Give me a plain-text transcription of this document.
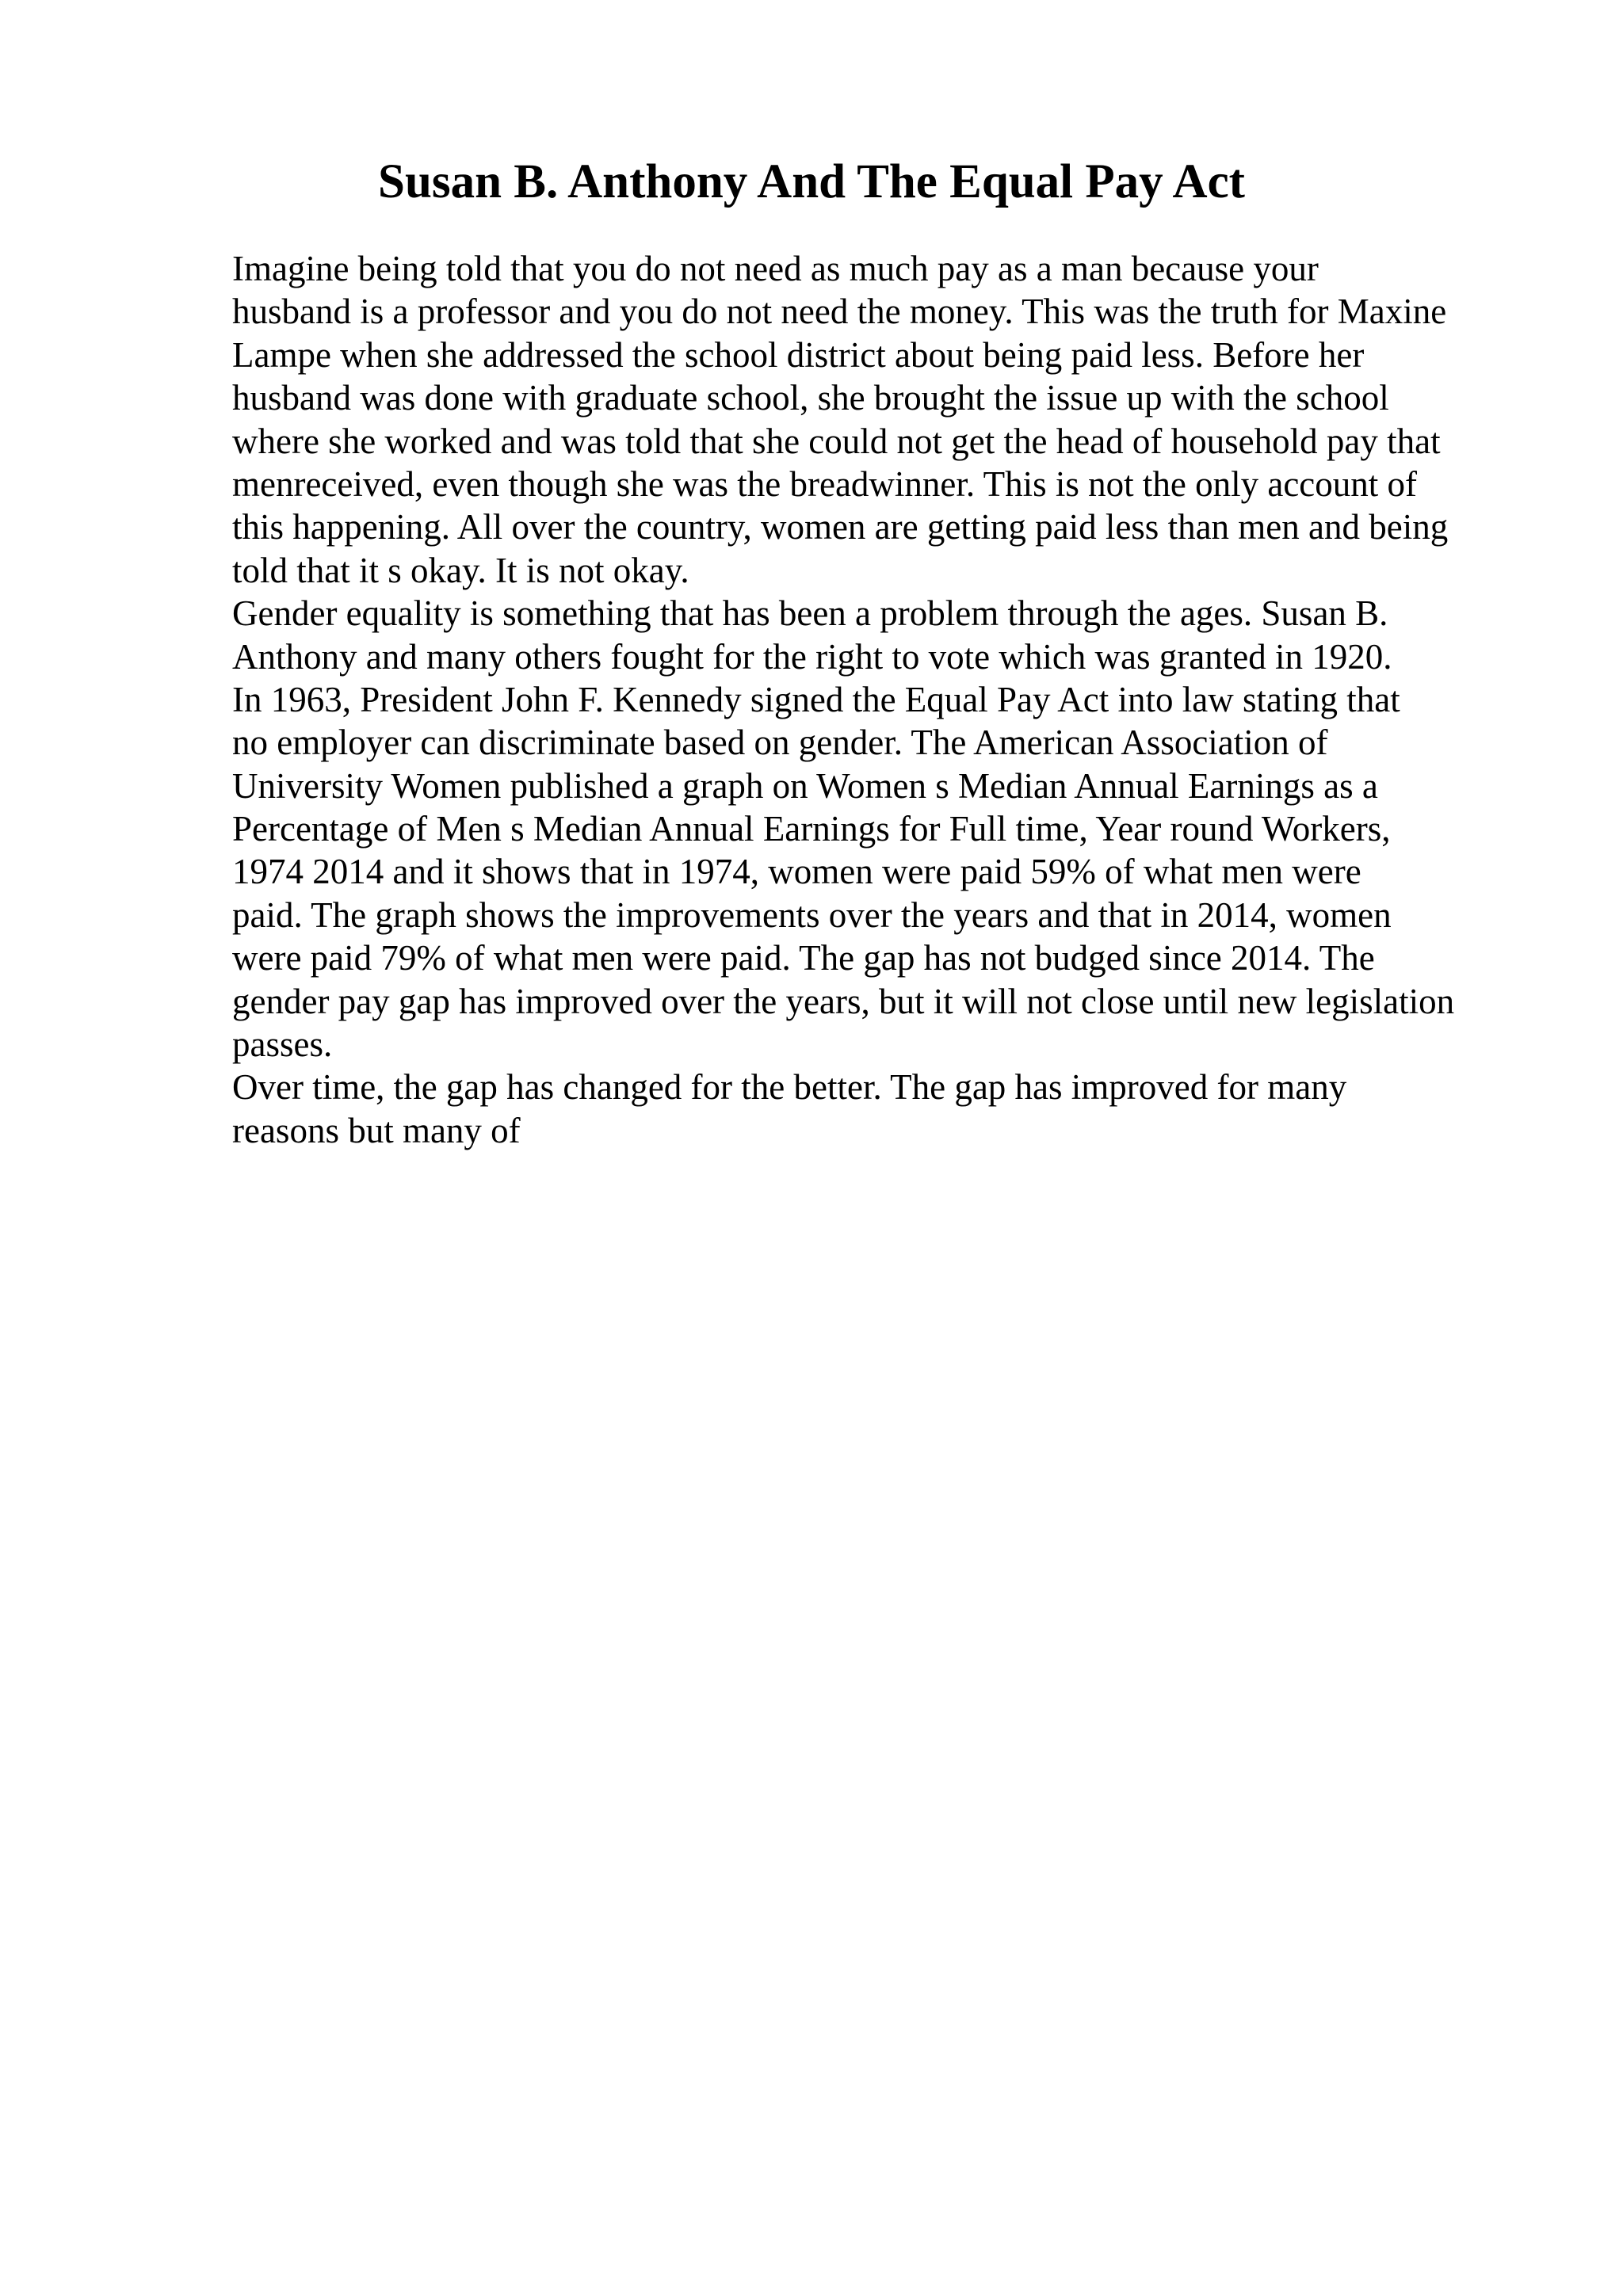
Susan B. Anthony And The Equal Pay Act
Imagine being told that you do not need as much pay as a man because your
husband is a professor and you do not need the money. This was the truth for Maxine
Lampe when she addressed the school district about being paid less. Before her
husband was done with graduate school, she brought the issue up with the school
where she worked and was told that she could not get the head of household pay that
menreceived, even though she was the breadwinner. This is not the only account of
this happening. All over the country, women are getting paid less than men and being
told that it s okay. It is not okay.
Gender equality is something that has been a problem through the ages. Susan B.
Anthony and many others fought for the right to vote which was granted in 1920.
In 1963, President John F. Kennedy signed the Equal Pay Act into law stating that
no employer can discriminate based on gender. The American Association of
University Women published a graph on Women s Median Annual Earnings as a
Percentage of Men s Median Annual Earnings for Full time, Year round Workers,
1974 2014 and it shows that in 1974, women were paid 59% of what men were
paid. The graph shows the improvements over the years and that in 2014, women
were paid 79% of what men were paid. The gap has not budged since 2014. The
gender pay gap has improved over the years, but it will not close until new legislation
passes.
Over time, the gap has changed for the better. The gap has improved for many
reasons but many of
